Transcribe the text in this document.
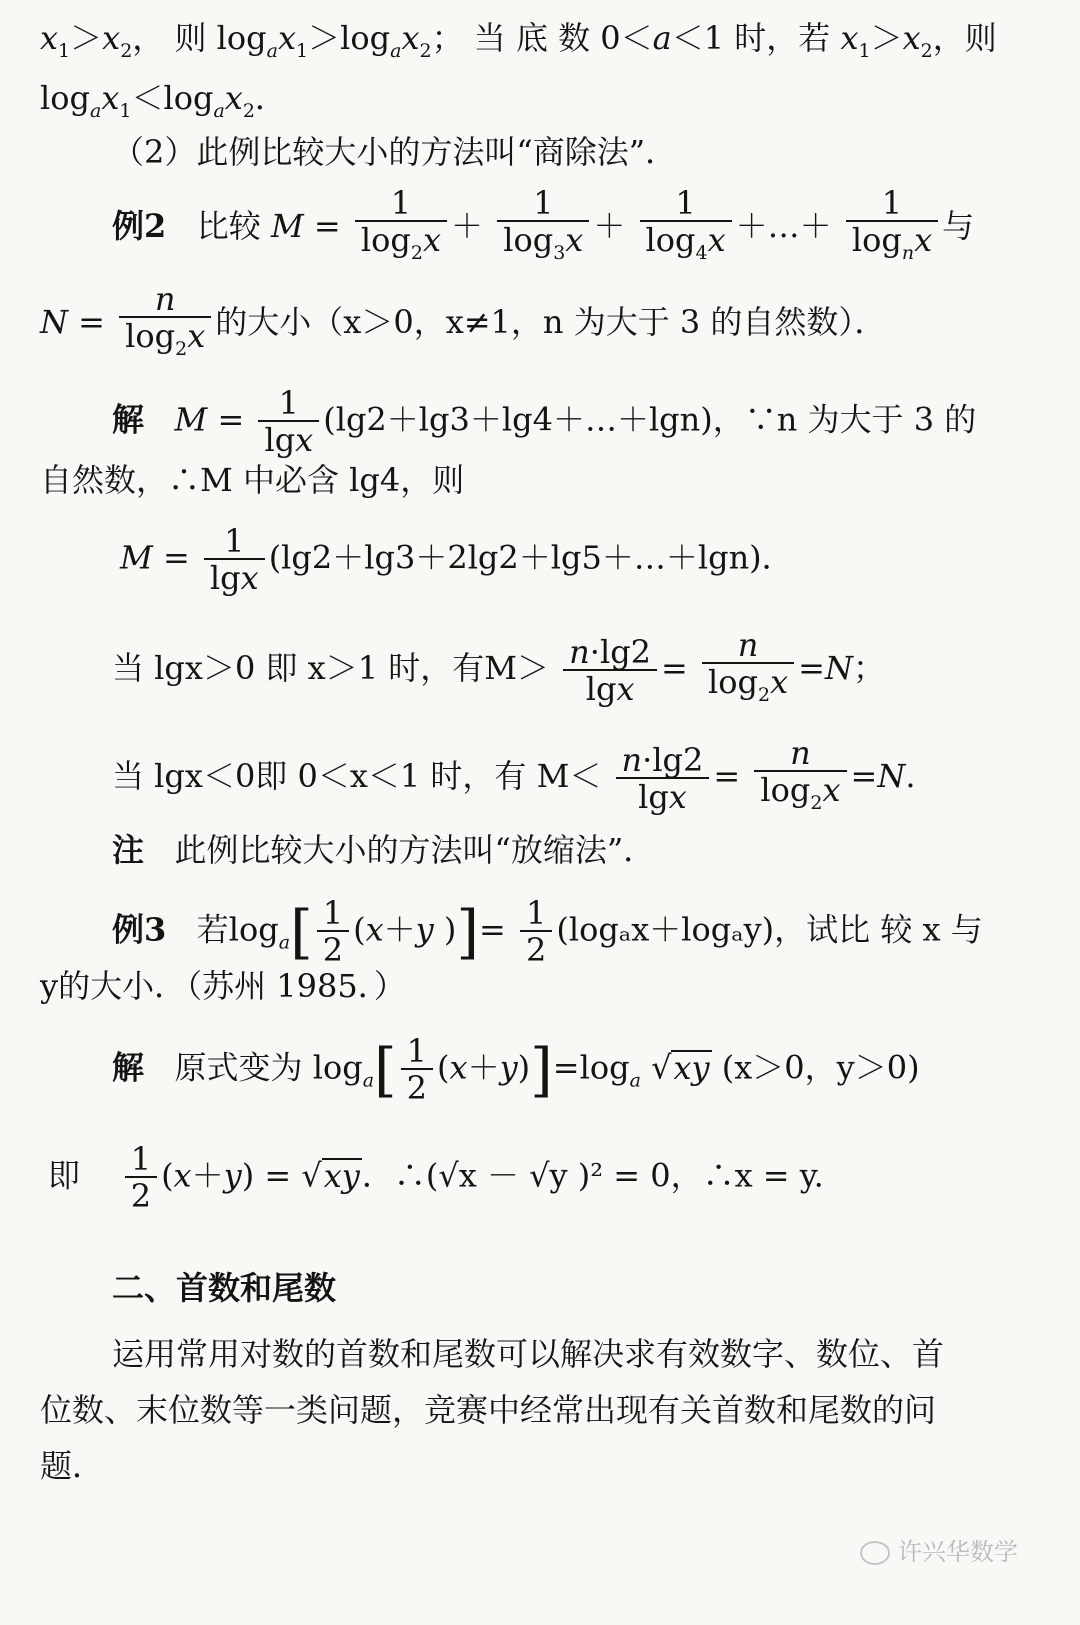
$x_1>x_2$， 则 $\log_ax_1>\log_ax_2$； 当 底 数 0＜a＜1 时，若 $x_1>x_2$，则
$\log_ax_1<\log_ax_2$．
（2）此例比较大小的方法叫“商除法”．
例2 比较 $M = \frac{1}{\log_2x} + \frac{1}{\log_3x} + \frac{1}{\log_4x}$ ＋…＋ $\frac{1}{\log_nx}$ 与
$N = \frac{n}{\log_2x}$ 的大小（x＞0，x≠1，n 为大于 3 的自然数）．
解 $M = \frac{1}{\lg x}$ (lg2＋lg3＋lg4＋…＋lgn)，∵n 为大于 3 的
自然数，∴M 中必含 lg4，则
$M = \frac{1}{\lg x}$ (lg2＋lg3＋2lg2＋lg5＋…＋lgn)．
当 lgx＞0 即 x＞1 时，有$M> \frac{n\cdot\lg 2}{\lg x} = \frac{n}{\log_2x} =N$；
当 lgx＜0即 0＜x＜1 时，有 $M< \frac{n\cdot\lg 2}{\lg x} = \frac{n}{\log_2x} =N$.
注 此例比较大小的方法叫“放缩法”．
例3 若$\log_a[ \frac{1}{2} (x+y$ )]= $\frac{1}{2} (\log_ax+\log_ay)$，试比 较 x 与
y的大小．（苏州 1985．）
解 原式变为 $\log_a[ \frac{1}{2} (x+y)]=\log_a$ √xy (x＞0，y＞0)
即 $\frac{1}{2} (x+y) = √xy$．∴(√x － √y )² = 0，∴x = y.
二、首数和尾数
运用常用对数的首数和尾数可以解决求有效数字、数位、首
位数、末位数等一类问题，竞赛中经常出现有关首数和尾数的问
题．
许兴华数学
